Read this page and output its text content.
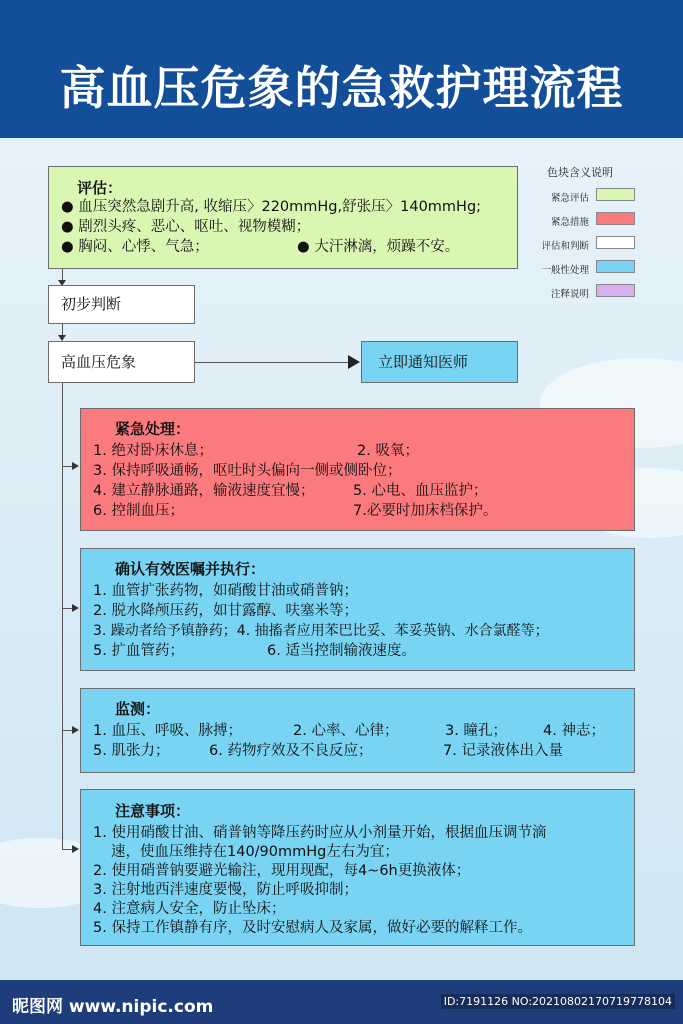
高血压危象的急救护理流程
评估：
● 血压突然急剧升高, 收缩压〉220mmHg,舒张压〉140mmHg;
● 剧烈头疼、恶心、呕吐、视物模糊；
● 胸闷、心悸、气急；	● 大汗淋漓，烦躁不安。
初步判断
高血压危象	立即通知医师
紧急处理：
1. 绝对卧床休息；	2. 吸氧；
3. 保持呼吸通畅，呕吐时头偏向一侧或侧卧位；
4. 建立静脉通路，输液速度宜慢；	5. 心电、血压监护；
6. 控制血压；	7.必要时加床档保护。
确认有效医嘱并执行：
1. 血管扩张药物，如硝酸甘油或硝普钠；
2. 脱水降颅压药，如甘露醇、呋塞米等；
3. 躁动者给予镇静药；4. 抽搐者应用苯巴比妥、苯妥英钠、水合氯醛等；
5. 扩血管药；	6. 适当控制输液速度。
监测：
1. 血压、呼吸、脉搏；	2. 心率、心律；	3. 瞳孔； 4. 神志；
5. 肌张力；	6. 药物疗效及不良反应；	7. 记录液体出入量
注意事项：
1. 使用硝酸甘油、硝普钠等降压药时应从小剂量开始，根据血压调节滴
速，使血压维持在140/90mmHg左右为宜；
2. 使用硝普钠要避光输注，现用现配，每4~6h更换液体；
3. 注射地西泮速度要慢，防止呼吸抑制；
4. 注意病人安全，防止坠床；
5. 保持工作镇静有序，及时安慰病人及家属，做好必要的解释工作。
色块含义说明
紧急评估
紧急措施
评估和判断
一般性处理
注释说明
昵图网 www.nipic.com	ID:7191126 NO:20210802170719778104
